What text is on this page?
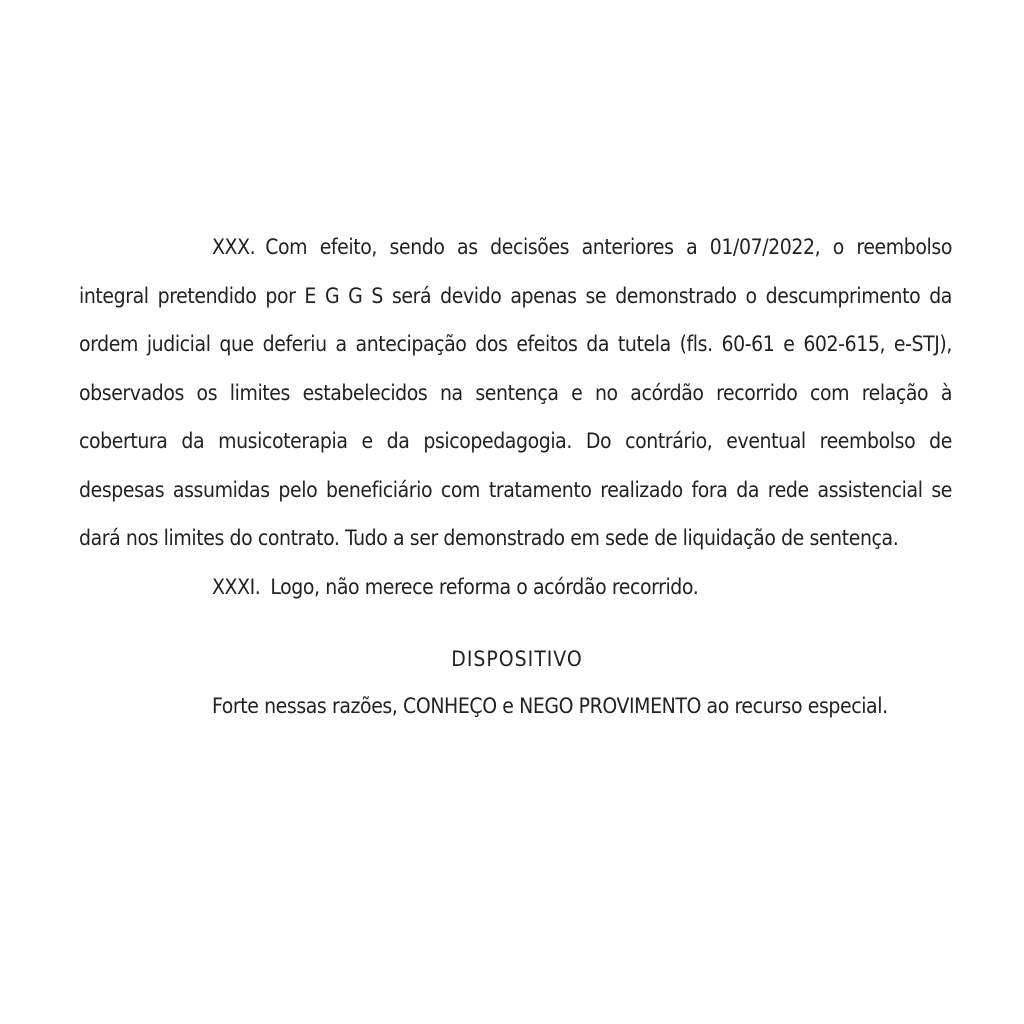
XXX. Com efeito, sendo as decisões anteriores a 01/07/2022, o reembolso integral pretendido por E G G S será devido apenas se demonstrado o descumprimento da ordem judicial que deferiu a antecipação dos efeitos da tutela (fls. 60-61 e 602-615, e-STJ), observados os limites estabelecidos na sentença e no acórdão recorrido com relação à cobertura da musicoterapia e da psicopedagogia. Do contrário, eventual reembolso de despesas assumidas pelo beneficiário com tratamento realizado fora da rede assistencial se dará nos limites do contrato. Tudo a ser demonstrado em sede de liquidação de sentença.

XXXI. Logo, não merece reforma o acórdão recorrido.

DISPOSITIVO

Forte nessas razões, CONHEÇO e NEGO PROVIMENTO ao recurso especial.
